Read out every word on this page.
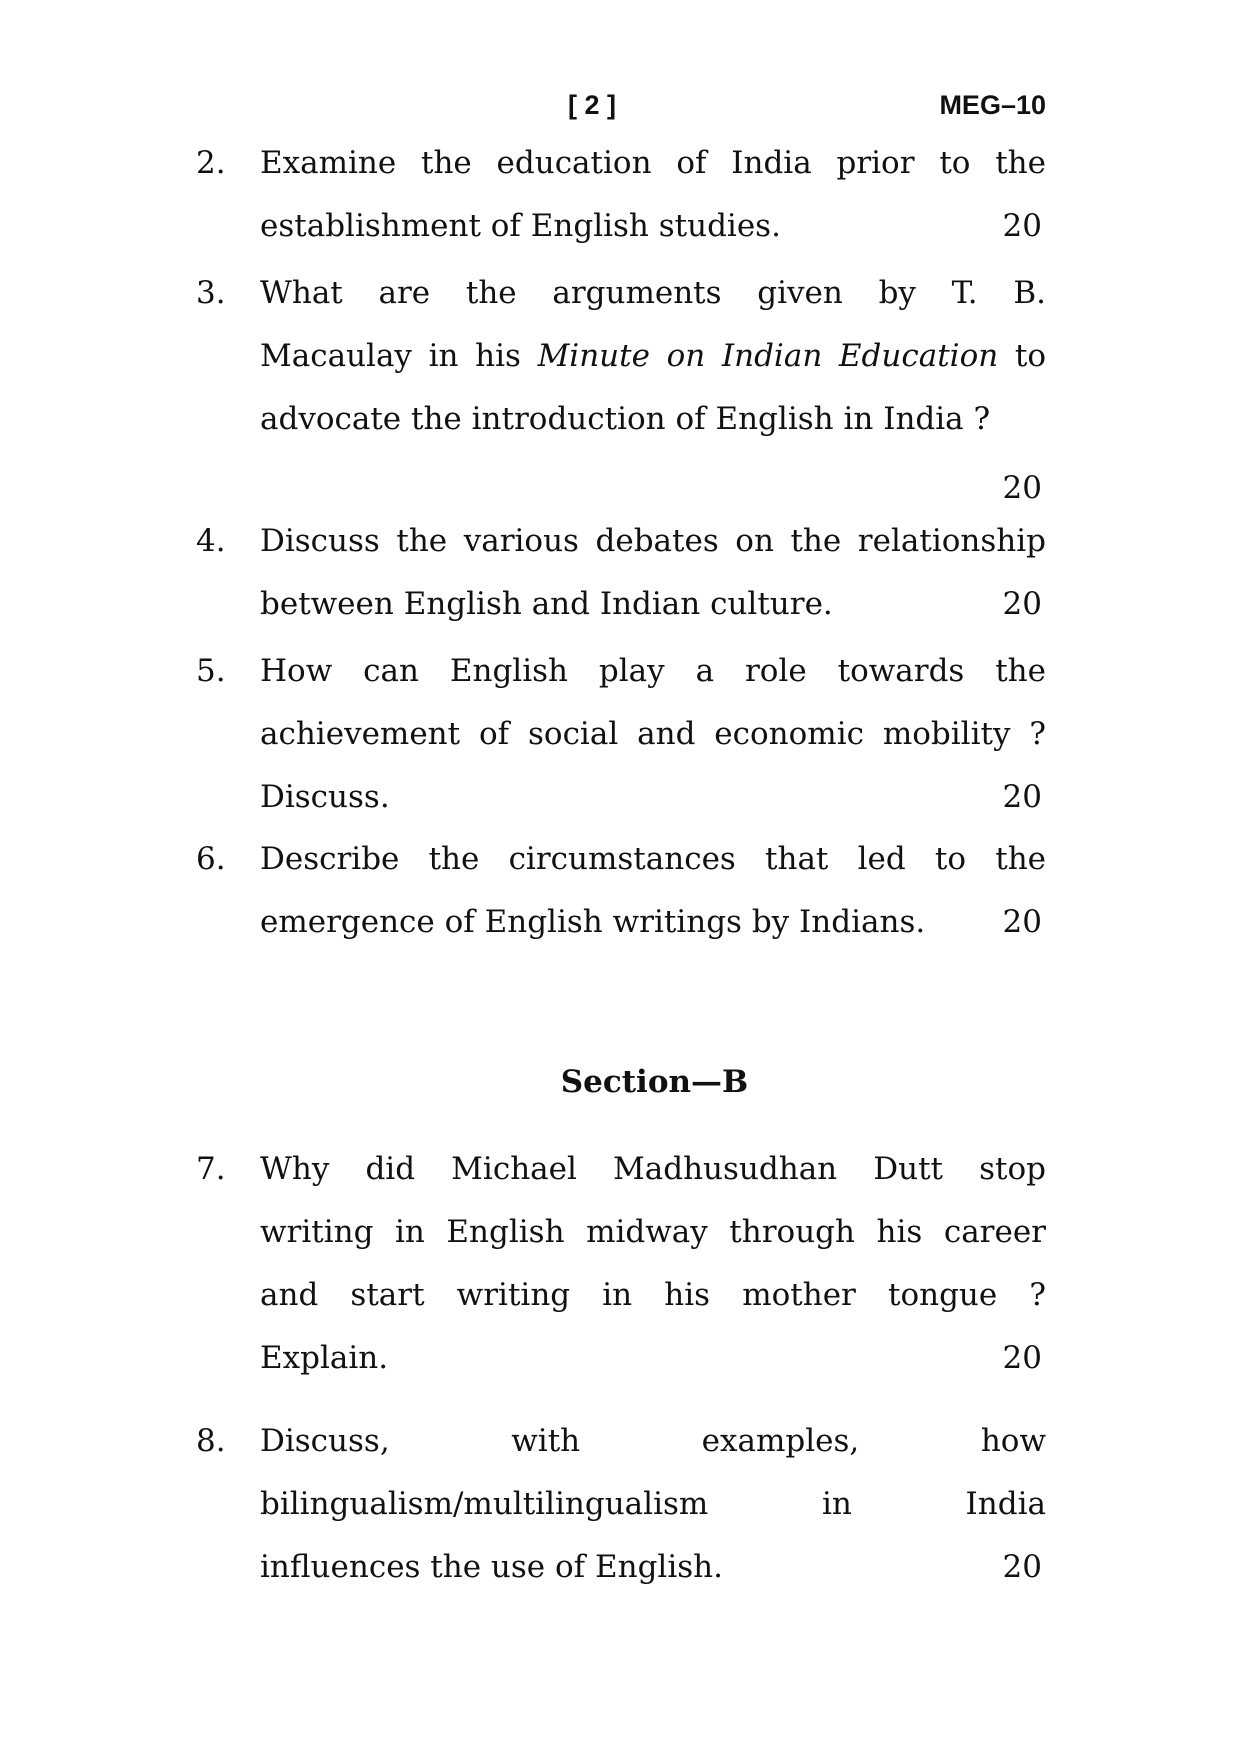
[ 2 ]	MEG–10
2. Examine the education of India prior to the
establishment of English studies.	20
3. What are the arguments given by T. B.
Macaulay in his Minute on Indian Education to
advocate the introduction of English in India ?
20
4. Discuss the various debates on the relationship
between English and Indian culture.	20
5. How can English play a role towards the
achievement of social and economic mobility ?
Discuss.	20
6. Describe the circumstances that led to the
emergence of English writings by Indians. 20
Section—B
7. Why did Michael Madhusudhan Dutt stop
writing in English midway through his career
and start writing in his mother tongue ?
Explain.	20
8. Discuss, with examples, how
bilingualism/multilingualism in India
influences the use of English.	20
